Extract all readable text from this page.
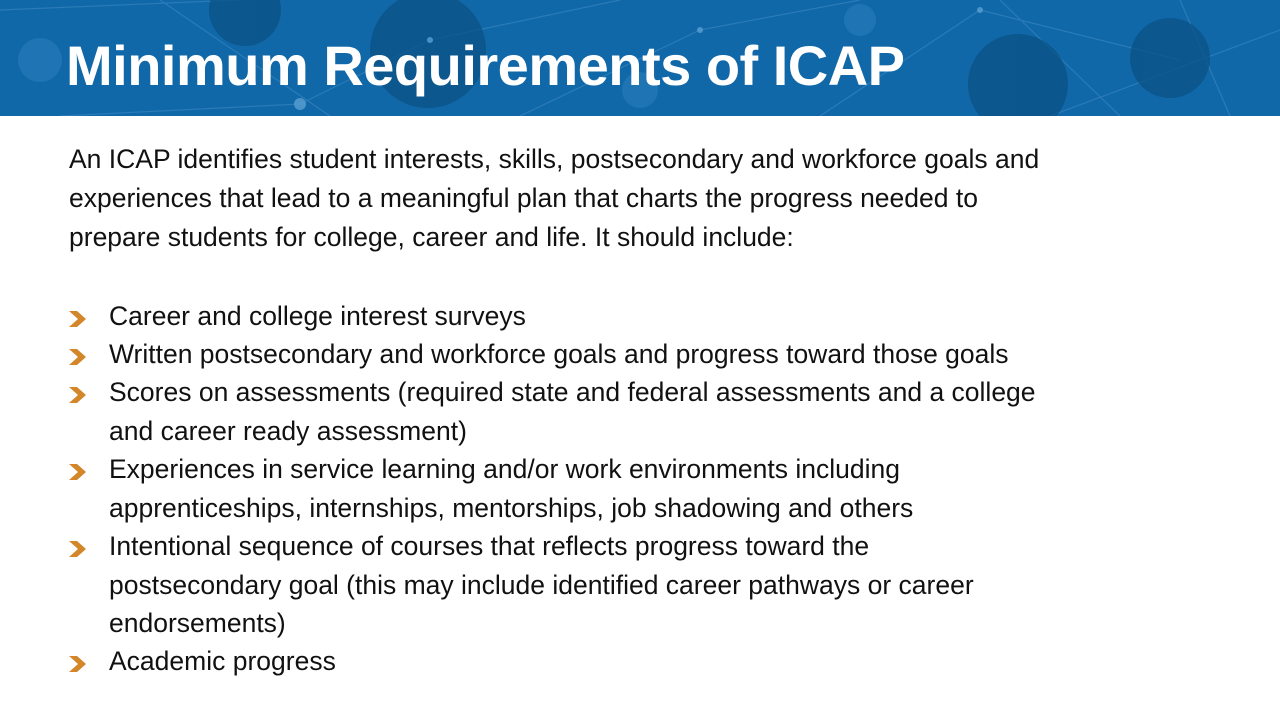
Minimum Requirements of ICAP
An ICAP identifies student interests, skills, postsecondary and workforce goals and
experiences that lead to a meaningful plan that charts the progress needed to
prepare students for college, career and life. It should include:
Career and college interest surveys
Written postsecondary and workforce goals and progress toward those goals
Scores on assessments (required state and federal assessments and a college
and career ready assessment)
Experiences in service learning and/or work environments including
apprenticeships, internships, mentorships, job shadowing and others
Intentional sequence of courses that reflects progress toward the
postsecondary goal (this may include identified career pathways or career
endorsements)
Academic progress
